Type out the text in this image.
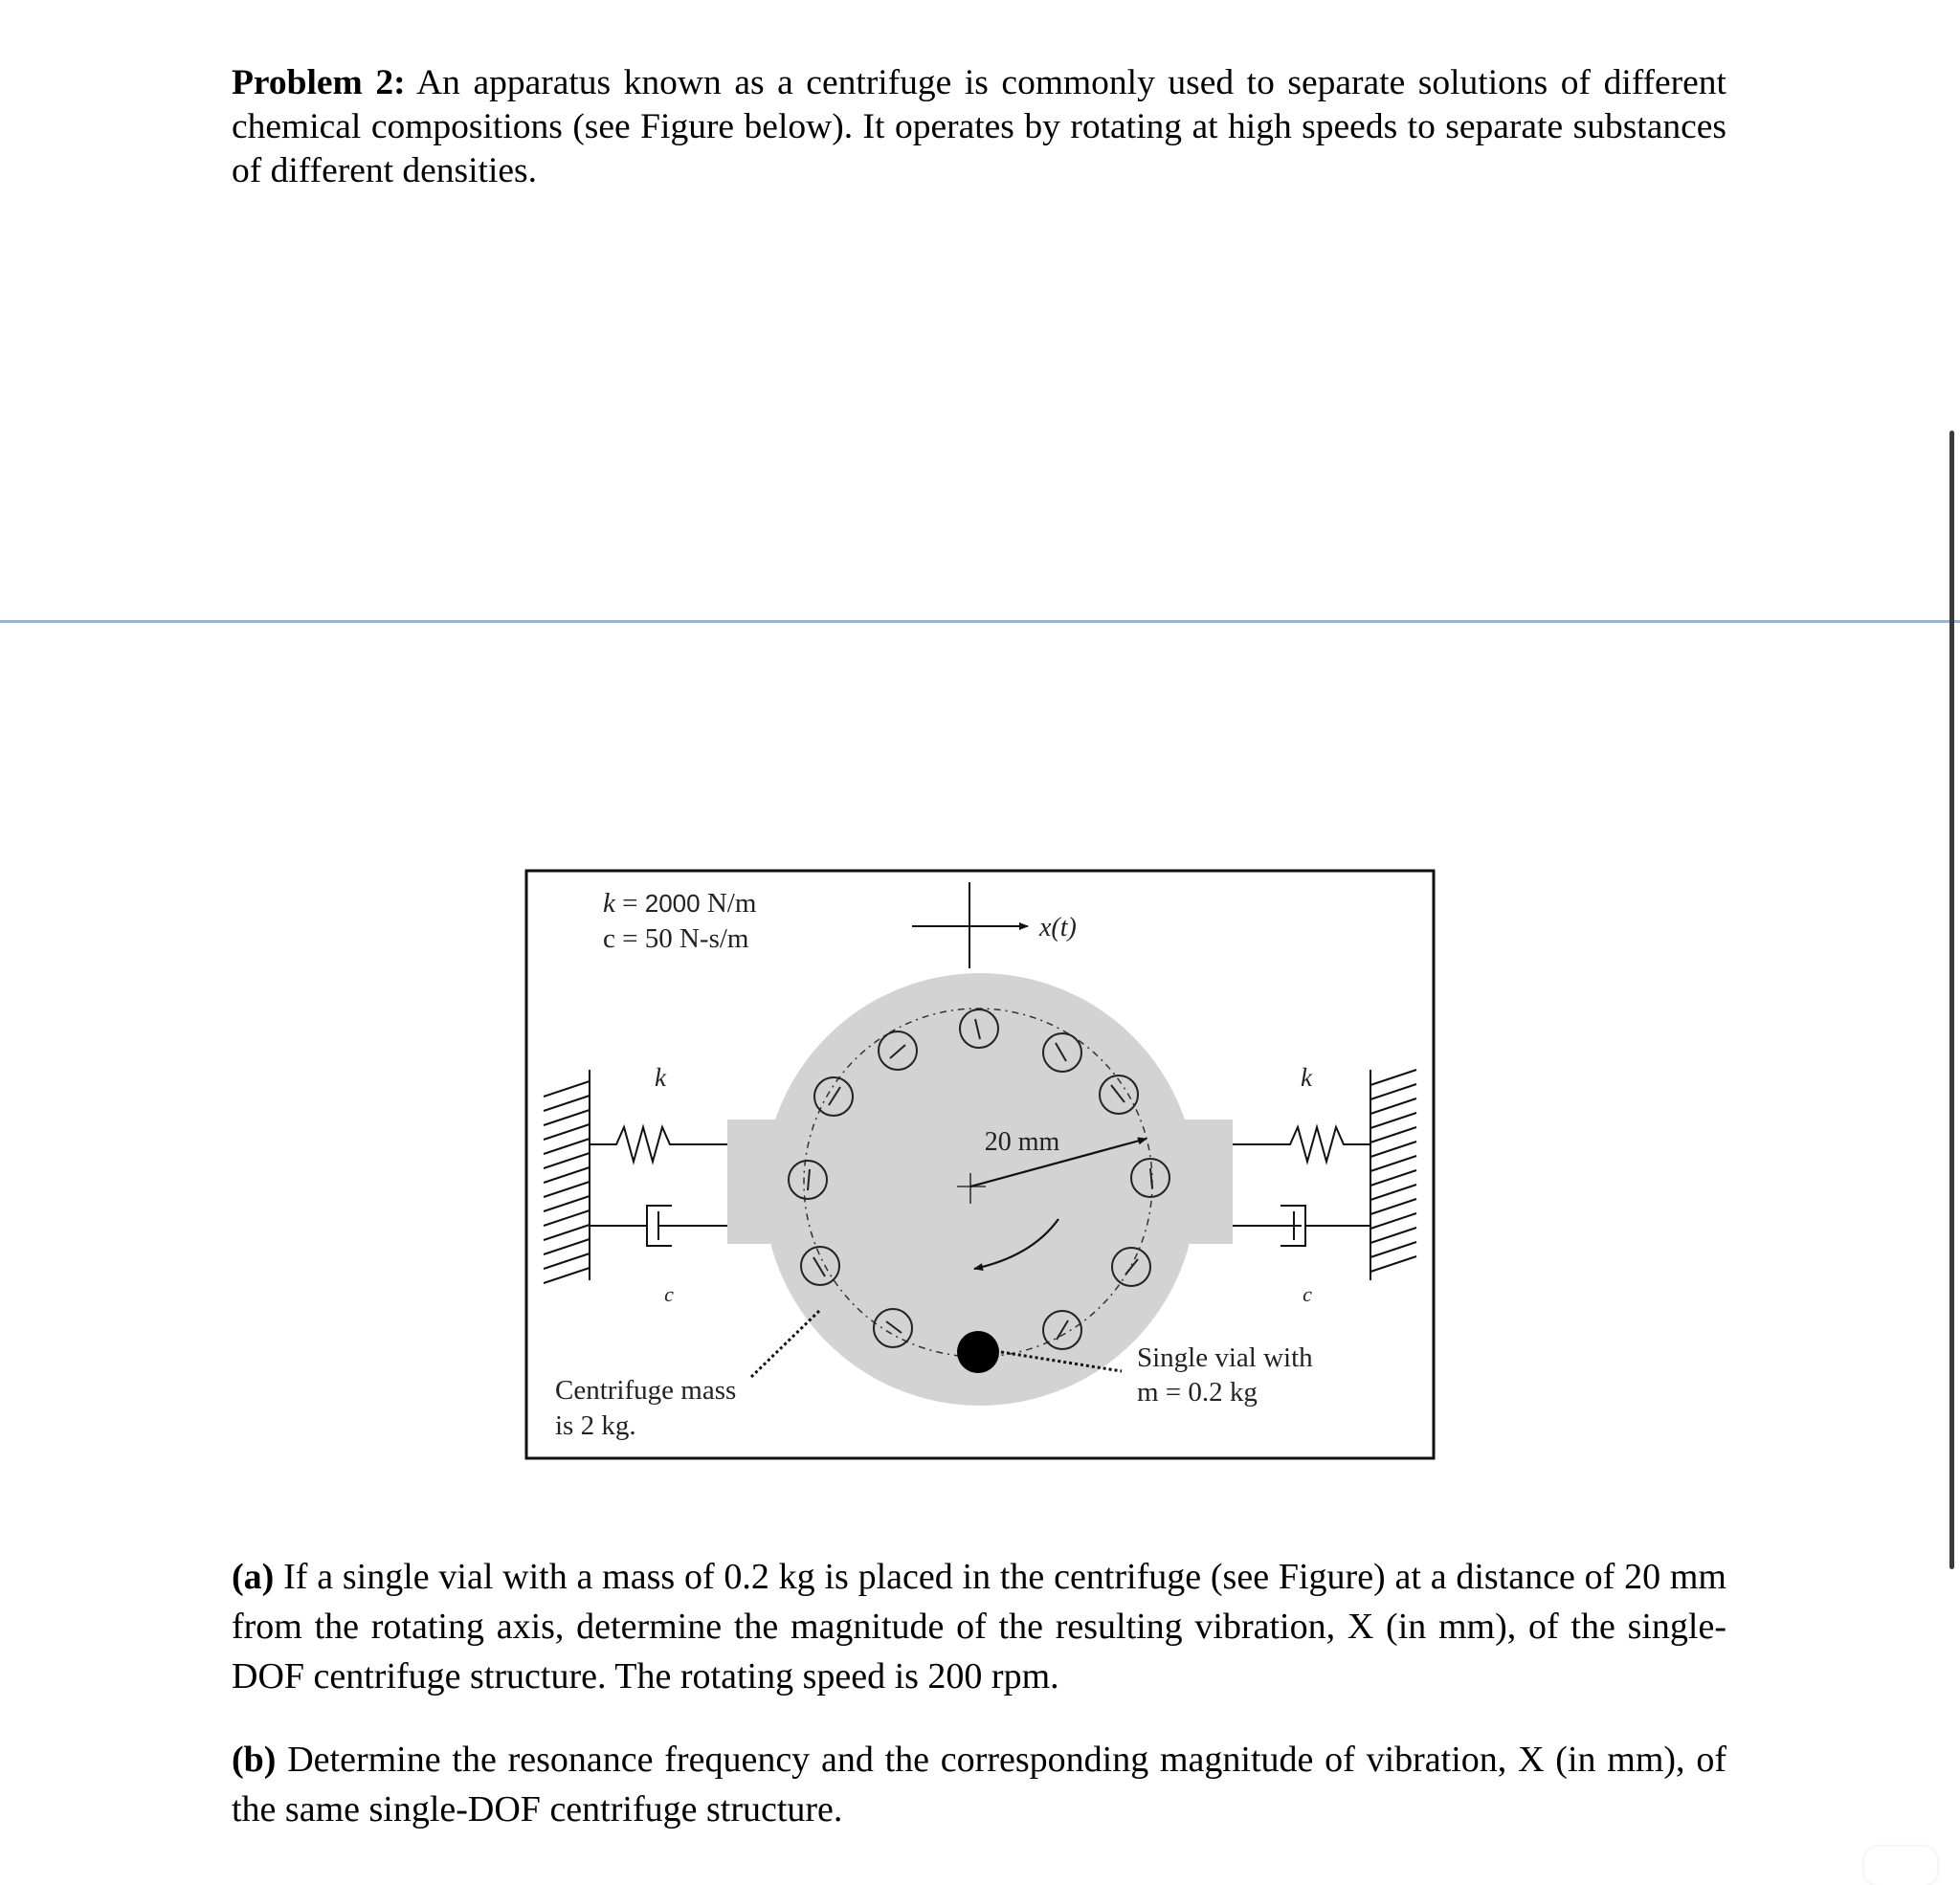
Problem 2: An apparatus known as a centrifuge is commonly used to separate solutions of different chemical compositions (see Figure below). It operates by rotating at high speeds to separate substances of different densities.

k = 2000 N/m
c = 50 N-s/m	x(t)
k
c
k
c
20 mm
Centrifuge mass
is 2 kg.
Single vial with
m = 0.2 kg

(a) If a single vial with a mass of 0.2 kg is placed in the centrifuge (see Figure) at a distance of 20 mm from the rotating axis, determine the magnitude of the resulting vibration, X (in mm), of the single-DOF centrifuge structure. The rotating speed is 200 rpm.

(b) Determine the resonance frequency and the corresponding magnitude of vibration, X (in mm), of the same single-DOF centrifuge structure.
